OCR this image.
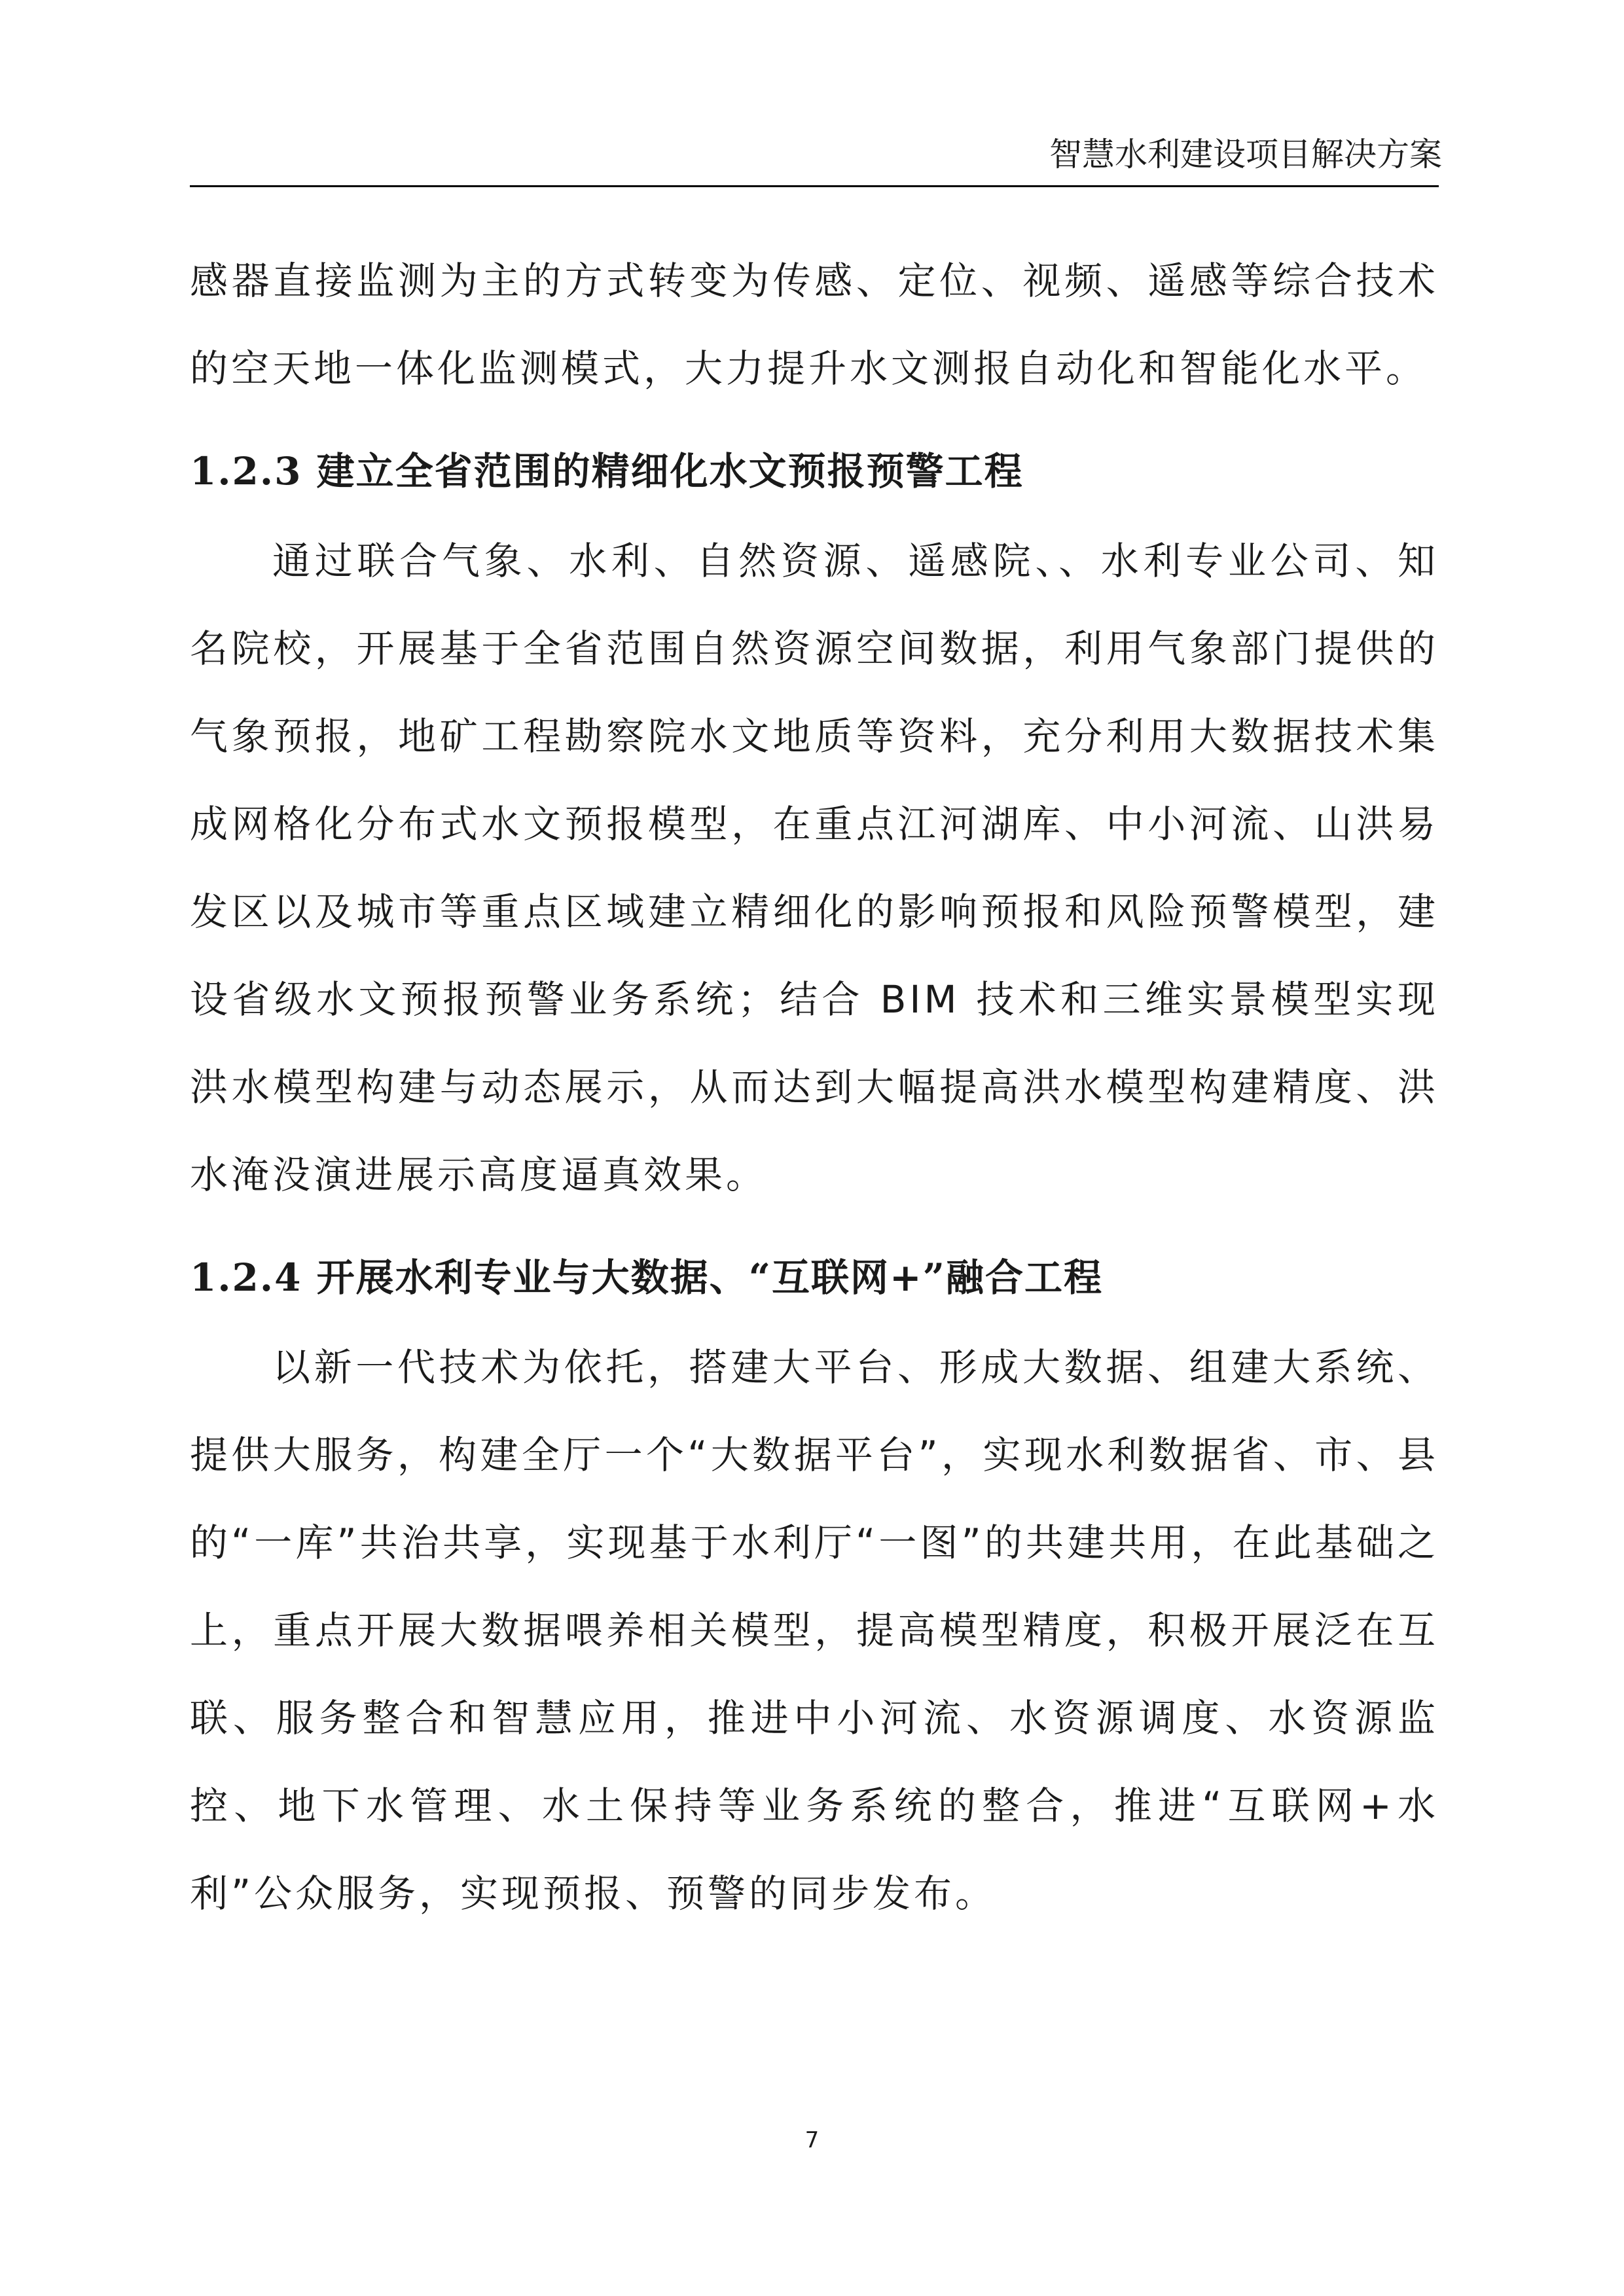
智慧水利建设项目解决方案

感器直接监测为主的方式转变为传感、定位、视频、遥感等综合技术的空天地一体化监测模式，大力提升水文测报自动化和智能化水平。

1.2.3 建立全省范围的精细化水文预报预警工程

通过联合气象、水利、自然资源、遥感院、、水利专业公司、知名院校，开展基于全省范围自然资源空间数据，利用气象部门提供的气象预报，地矿工程勘察院水文地质等资料，充分利用大数据技术集成网格化分布式水文预报模型，在重点江河湖库、中小河流、山洪易发区以及城市等重点区域建立精细化的影响预报和风险预警模型，建设省级水文预报预警业务系统；结合 BIM 技术和三维实景模型实现洪水模型构建与动态展示，从而达到大幅提高洪水模型构建精度、洪水淹没演进展示高度逼真效果。

1.2.4 开展水利专业与大数据、“互联网+”融合工程

以新一代技术为依托，搭建大平台、形成大数据、组建大系统、提供大服务，构建全厅一个“大数据平台”，实现水利数据省、市、县的“一库”共治共享，实现基于水利厅“一图”的共建共用，在此基础之上，重点开展大数据喂养相关模型，提高模型精度，积极开展泛在互联、服务整合和智慧应用，推进中小河流、水资源调度、水资源监控、地下水管理、水土保持等业务系统的整合，推进“互联网+水利”公众服务，实现预报、预警的同步发布。

7
